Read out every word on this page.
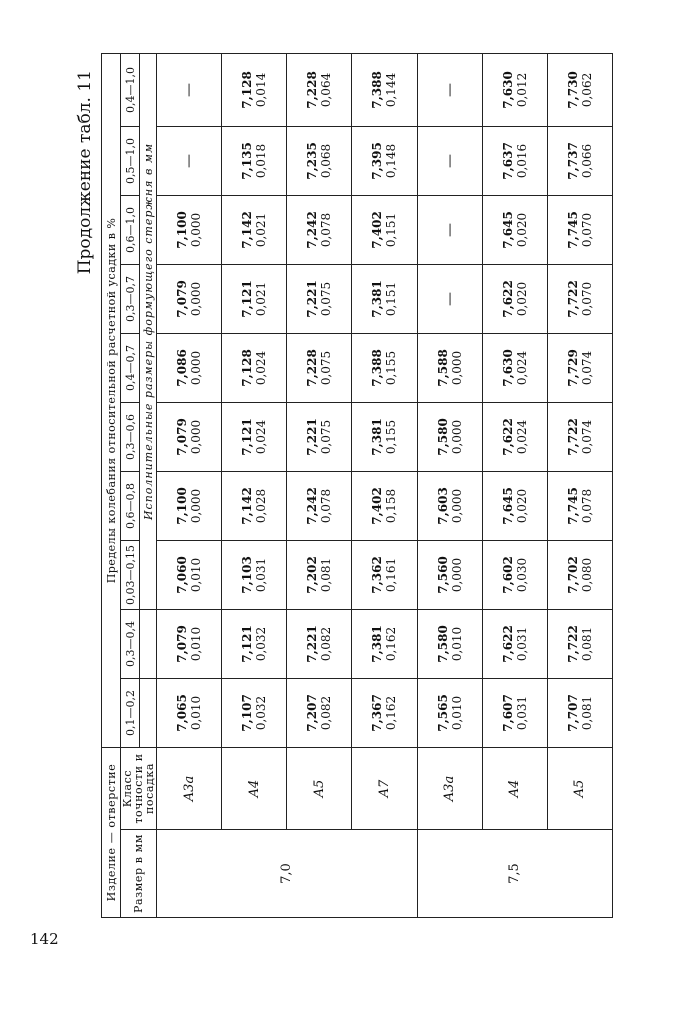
142
Продолжение табл. 11
Изделие — отверстие		Пределы колебания относительной расчетной усадки в %									
Размер в мм	Класс точности и посадка	0,1—0,2	0,3—0,4	0,03—0,15	0,6—0,8	0,3—0,6	0,4—0,7	0,3—0,7	0,6—1,0	0,5—1,0	0,4—1,0
				Исполнительные размеры формующего стержня в мм							
7,0	A3a	7,065 0,010	7,079 0,010	7,060 0,010	7,100 0,000	7,079 0,000	7,086 0,000	7,079 0,000	7,100 0,000	—	—
	A4	7,107 0,032	7,121 0,032	7,103 0,031	7,142 0,028	7,121 0,024	7,128 0,024	7,121 0,021	7,142 0,021	7,135 0,018	7,128 0,014

	A5	7,207 0,082	7,221 0,082	7,202 0,081	7,242 0,078	7,221 0,075	7,228 0,075	7,221 0,075	7,242 0,078	7,235 0,068	7,228 0,064

	A7	7,367 0,162	7,381 0,162	7,362 0,161	7,402 0,158	7,381 0,155	7,388 0,155	7,381 0,151	7,402 0,151	7,395 0,148	7,388 0,144

7,5	A3a	7,565 0,010	7,580 0,010	7,560 0,000	7,603 0,000	7,580 0,000	7,588 0,000	—	—	—	—
	A4	7,607 0,031	7,622 0,031	7,602 0,030	7,645 0,020	7,622 0,024	7,630 0,024	7,622 0,020	7,645 0,020	7,637 0,016	7,630 0,012

	A5	7,707 0,081	7,722 0,081	7,702 0,080	7,745 0,078	7,722 0,074	7,729 0,074	7,722 0,070	7,745 0,070	7,737 0,066	7,730 0,062
